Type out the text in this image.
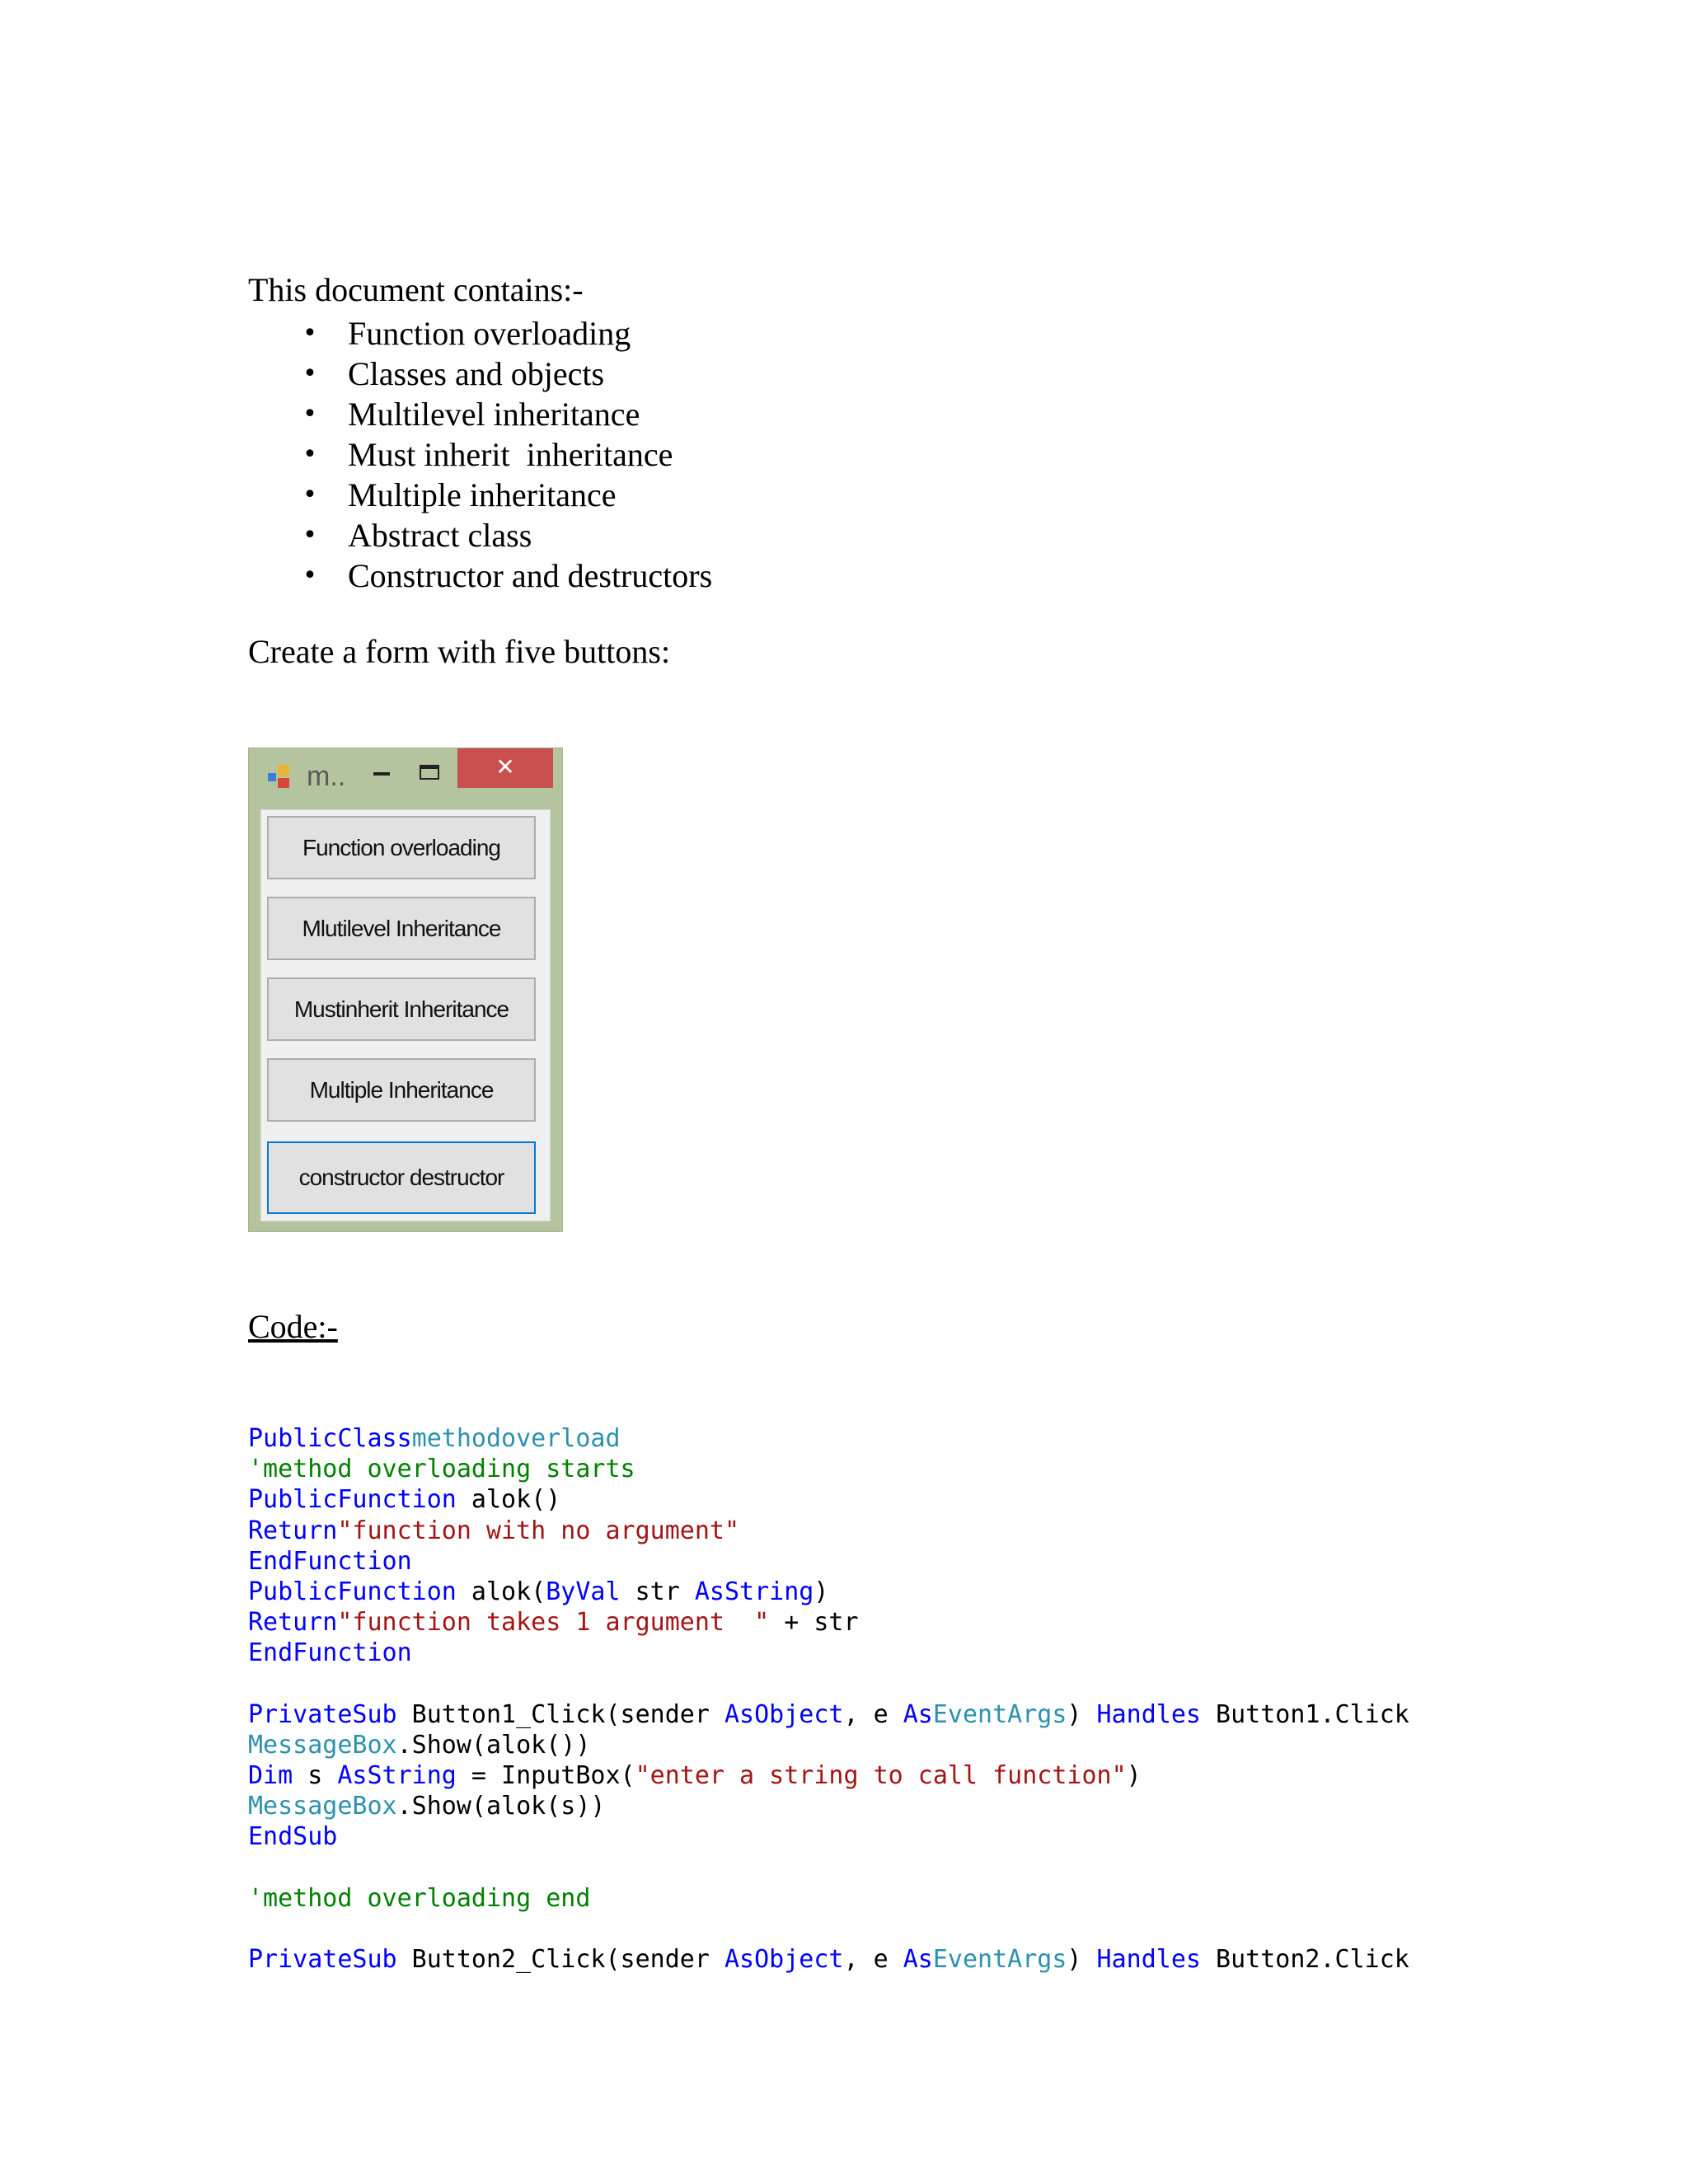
This document contains:-
• Function overloading
• Classes and objects
• Multilevel inheritance
• Must inherit  inheritance
• Multiple inheritance
• Abstract class
• Constructor and destructors
Create a form with five buttons:
m..	✕
Function overloading
Mlutilevel Inheritance
Mustinherit Inheritance
Multiple Inheritance
constructor destructor
Code:-
PublicClassmethodoverload
'method overloading starts
PublicFunction alok()
Return"function with no argument"
EndFunction
PublicFunction alok(ByVal str AsString)
Return"function takes 1 argument  " + str
EndFunction

PrivateSub Button1_Click(sender AsObject, e AsEventArgs) Handles Button1.Click
MessageBox.Show(alok())
Dim s AsString = InputBox("enter a string to call function")
MessageBox.Show(alok(s))
EndSub

'method overloading end

PrivateSub Button2_Click(sender AsObject, e AsEventArgs) Handles Button2.Click
